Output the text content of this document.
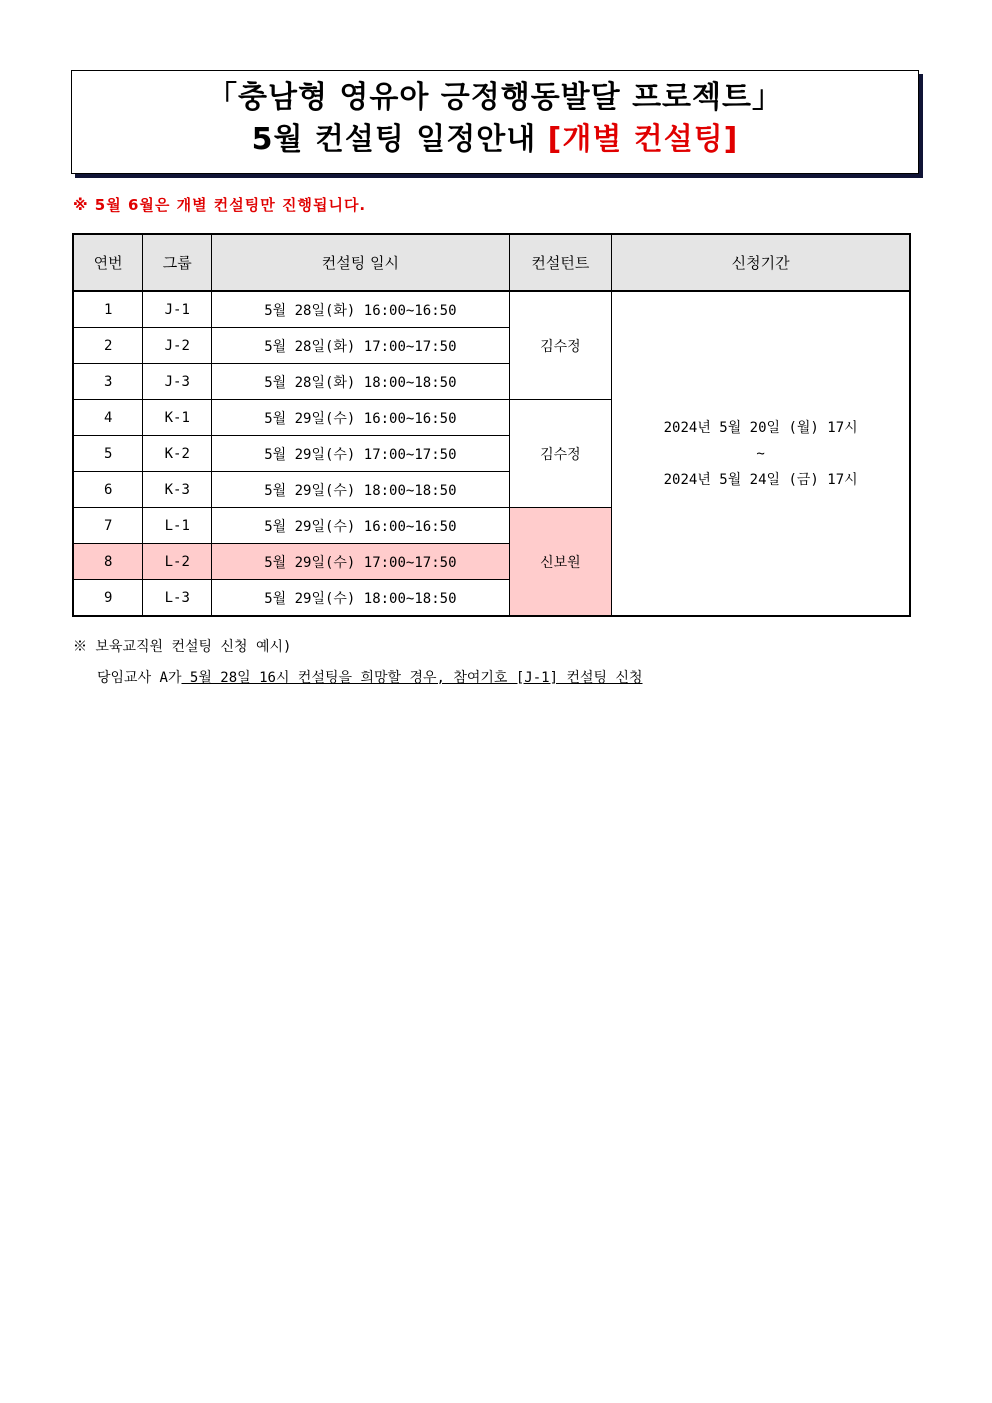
「충남형 영유아 긍정행동발달 프로젝트」
5월 컨설팅 일정안내 [개별 컨설팅]
※ 5월 6월은 개별 컨설팅만 진행됩니다.
연번	그룹	컨설팅 일시	컨설턴트	신청기간
1	J-1	5월 28일(화) 16:00~16:50	김수정	2024년 5월 20일 (월) 17시
~
2024년 5월 24일 (금) 17시

2	J-2	5월 28일(화) 17:00~17:50		
3	J-3	5월 28일(화) 18:00~18:50		
4	K-1	5월 29일(수) 16:00~16:50	김수정	
5	K-2	5월 29일(수) 17:00~17:50		
6	K-3	5월 29일(수) 18:00~18:50		
7	L-1	5월 29일(수) 16:00~16:50	신보원	
8	L-2	5월 29일(수) 17:00~17:50		
9	L-3	5월 29일(수) 18:00~18:50		
※ 보육교직원 컨설팅 신청 예시)
당임교사 A가 5월 28일 16시 컨설팅을 희망할 경우, 참여기호 [J-1] 컨설팅 신청
